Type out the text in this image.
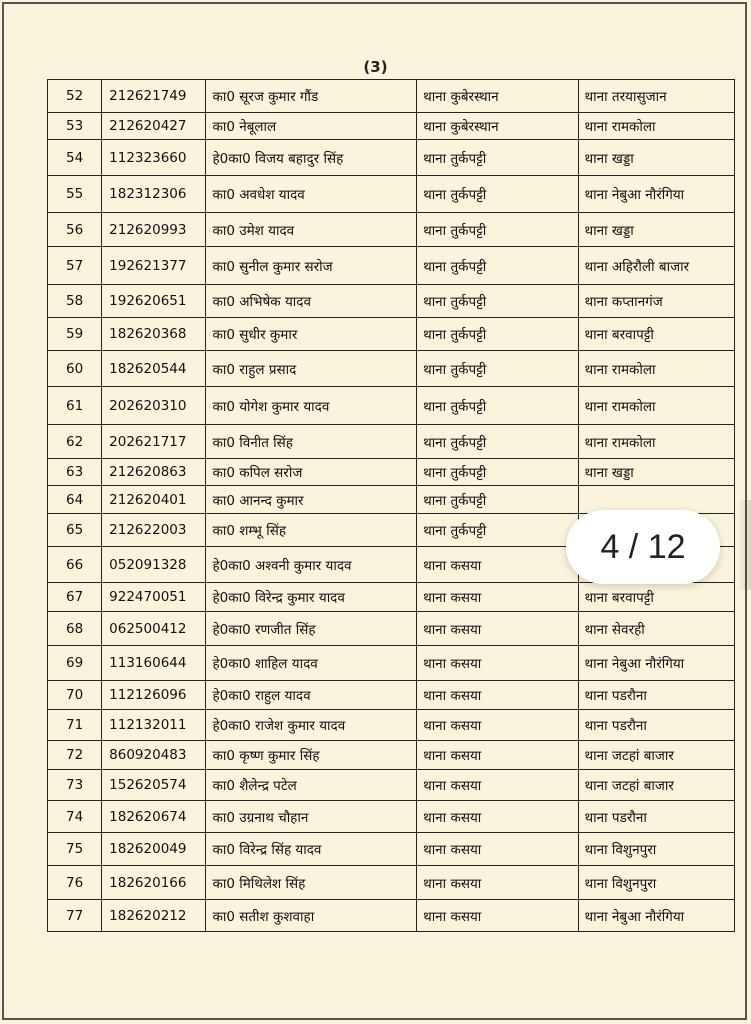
(3)
52	212621749	का0 सूरज कुमार गौंड	थाना कुबेरस्थान	थाना तरयासुजान
53	212620427	का0 नेबूलाल	थाना कुबेरस्थान	थाना रामकोला
54	112323660	हे0का0 विजय बहादुर सिंह	थाना तुर्कपट्टी	थाना खड्डा
55	182312306	का0 अवधेश यादव	थाना तुर्कपट्टी	थाना नेबुआ नौरंगिया
56	212620993	का0 उमेश यादव	थाना तुर्कपट्टी	थाना खड्डा
57	192621377	का0 सुनील कुमार सरोज	थाना तुर्कपट्टी	थाना अहिरौली बाजार
58	192620651	का0 अभिषेक यादव	थाना तुर्कपट्टी	थाना कप्तानगंज
59	182620368	का0 सुधीर कुमार	थाना तुर्कपट्टी	थाना बरवापट्टी
60	182620544	का0 राहुल प्रसाद	थाना तुर्कपट्टी	थाना रामकोला
61	202620310	का0 योगेश कुमार यादव	थाना तुर्कपट्टी	थाना रामकोला
62	202621717	का0 विनीत सिंह	थाना तुर्कपट्टी	थाना रामकोला
63	212620863	का0 कपिल सरोज	थाना तुर्कपट्टी	थाना खड्डा
64	212620401	का0 आनन्द कुमार	थाना तुर्कपट्टी	
65	212622003	का0 शम्भू सिंह	थाना तुर्कपट्टी	
66	052091328	हे0का0 अश्वनी कुमार यादव	थाना कसया	
67	922470051	हे0का0 विरेन्द्र कुमार यादव	थाना कसया	थाना बरवापट्टी
68	062500412	हे0का0 रणजीत सिंह	थाना कसया	थाना सेवरही
69	113160644	हे0का0 शाहिल यादव	थाना कसया	थाना नेबुआ नौरंगिया
70	112126096	हे0का0 राहुल यादव	थाना कसया	थाना पडरौना
71	112132011	हे0का0 राजेश कुमार यादव	थाना कसया	थाना पडरौना
72	860920483	का0 कृष्ण कुमार सिंह	थाना कसया	थाना जटहां बाजार
73	152620574	का0 शैलेन्द्र पटेल	थाना कसया	थाना जटहां बाजार
74	182620674	का0 उग्रनाथ चौहान	थाना कसया	थाना पडरौना
75	182620049	का0 विरेन्द्र सिंह यादव	थाना कसया	थाना विशुनपुरा
76	182620166	का0 मिथिलेश सिंह	थाना कसया	थाना विशुनपुरा
77	182620212	का0 सतीश कुशवाहा	थाना कसया	थाना नेबुआ नौरंगिया
4 / 12
